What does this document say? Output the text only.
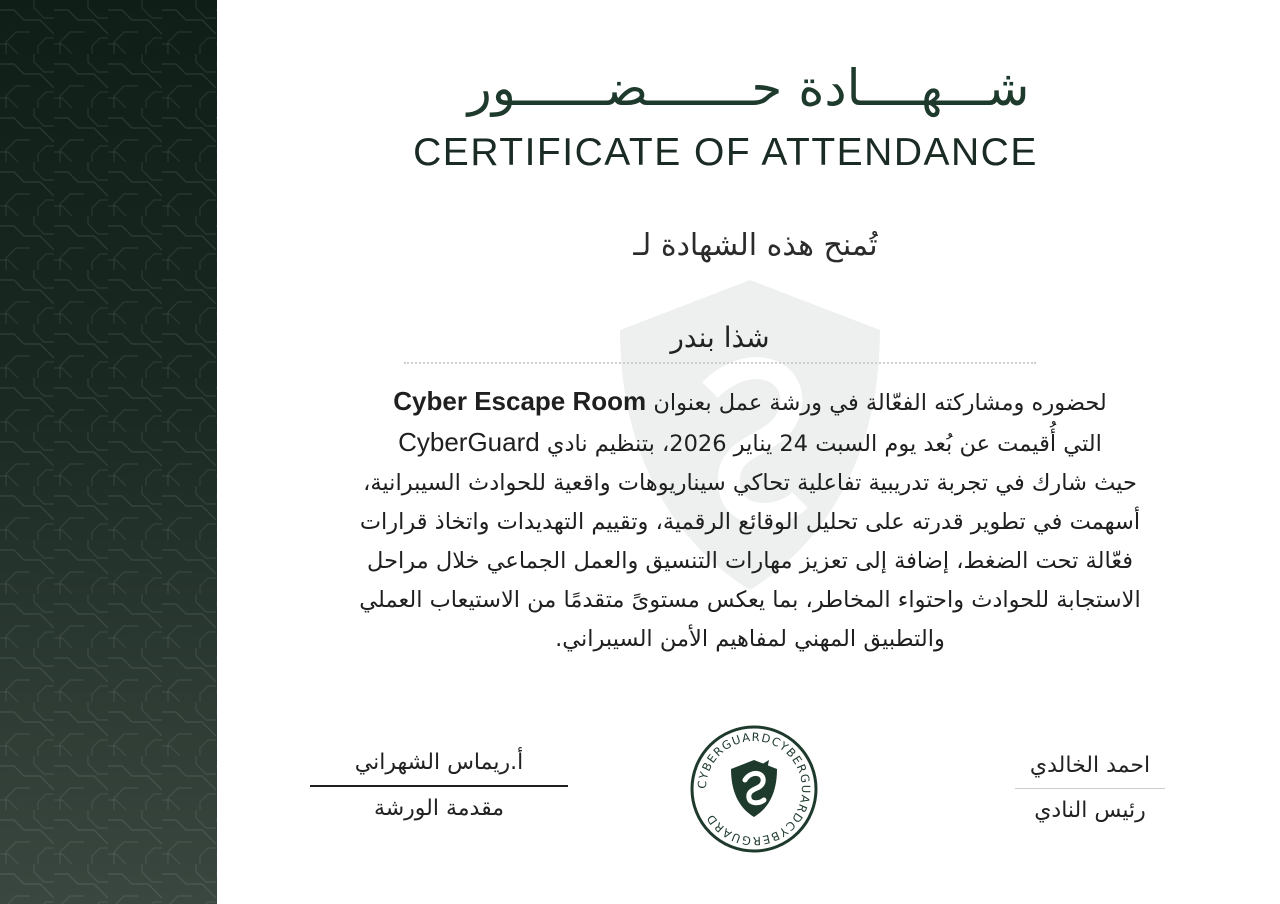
شـــهــــادة حـــــــضــــــور
CERTIFICATE OF ATTENDANCE
تُمنح هذه الشهادة لـ
شذا بندر
لحضوره ومشاركته الفعّالة في ورشة عمل بعنوان Cyber Escape Room
التي أُقيمت عن بُعد يوم السبت 24 يناير 2026، بتنظيم نادي CyberGuard
حيث شارك في تجربة تدريبية تفاعلية تحاكي سيناريوهات واقعية للحوادث السيبرانية،
أسهمت في تطوير قدرته على تحليل الوقائع الرقمية، وتقييم التهديدات واتخاذ قرارات
فعّالة تحت الضغط، إضافة إلى تعزيز مهارات التنسيق والعمل الجماعي خلال مراحل
الاستجابة للحوادث واحتواء المخاطر، بما يعكس مستوىً متقدمًا من الاستيعاب العملي
والتطبيق المهني لمفاهيم الأمن السيبراني.
أ.ريماس الشهراني
مقدمة الورشة
احمد الخالدي
رئيس النادي
CYBERGUARDCYBERGUARDCYBERGUARD
